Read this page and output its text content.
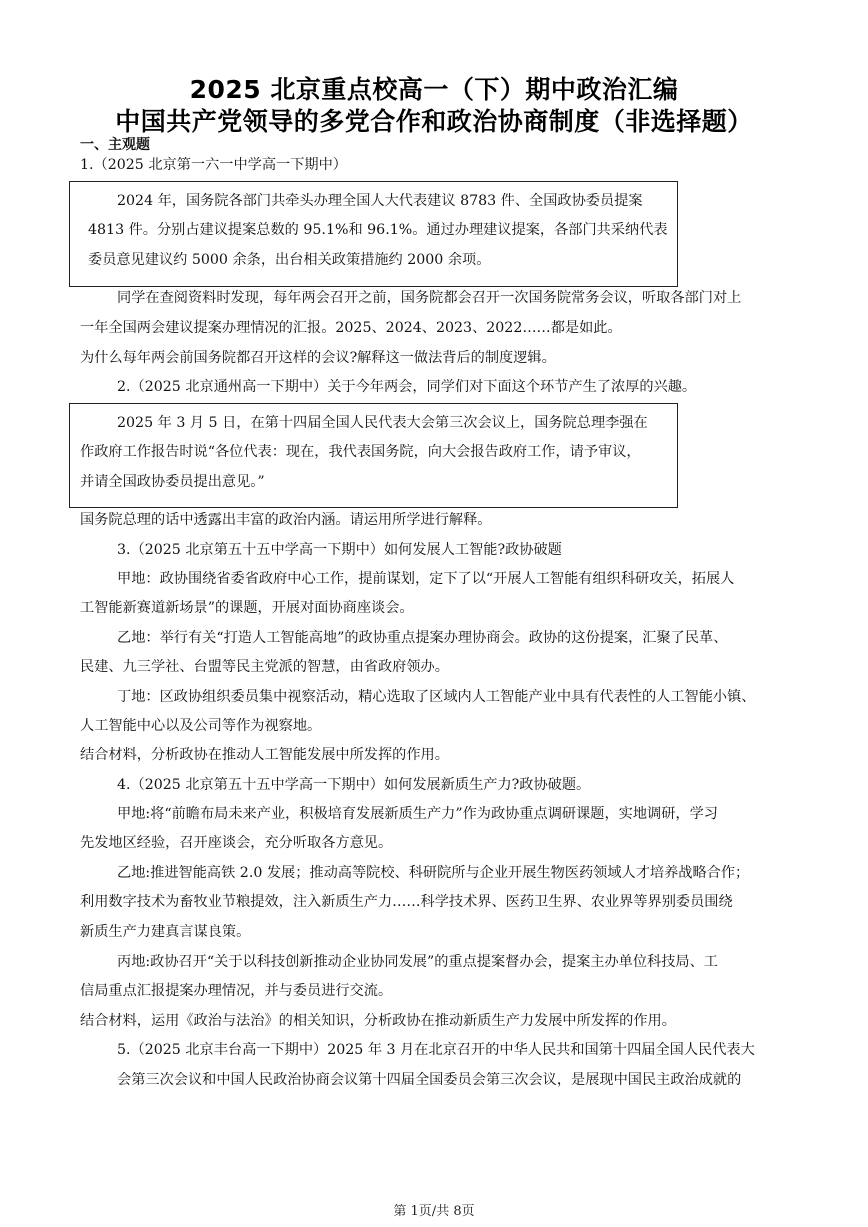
2025 北京重点校高一（下）期中政治汇编
中国共产党领导的多党合作和政治协商制度（非选择题）
一、主观题
1.（2025 北京第一六一中学高一下期中）
2024 年，国务院各部门共牵头办理全国人大代表建议 8783 件、全国政协委员提案
4813 件。分别占建议提案总数的 95.1%和 96.1%。通过办理建议提案，各部门共采纳代表
委员意见建议约 5000 余条，出台相关政策措施约 2000 余项。
同学在查阅资料时发现，每年两会召开之前，国务院都会召开一次国务院常务会议，听取各部门对上
一年全国两会建议提案办理情况的汇报。2025、2024、2023、2022……都是如此。
为什么每年两会前国务院都召开这样的会议?解释这一做法背后的制度逻辑。
2.（2025 北京通州高一下期中）关于今年两会，同学们对下面这个环节产生了浓厚的兴趣。
2025 年 3 月 5 日，在第十四届全国人民代表大会第三次会议上，国务院总理李强在
作政府工作报告时说“各位代表：现在，我代表国务院，向大会报告政府工作，请予审议，
并请全国政协委员提出意见。”
国务院总理的话中透露出丰富的政治内涵。请运用所学进行解释。
3.（2025 北京第五十五中学高一下期中）如何发展人工智能?政协破题
甲地：政协围绕省委省政府中心工作，提前谋划，定下了以“开展人工智能有组织科研攻关，拓展人
工智能新赛道新场景”的课题，开展对面协商座谈会。
乙地：举行有关“打造人工智能高地”的政协重点提案办理协商会。政协的这份提案，汇聚了民革、
民建、九三学社、台盟等民主党派的智慧，由省政府领办。
丁地：区政协组织委员集中视察活动，精心选取了区域内人工智能产业中具有代表性的人工智能小镇、
人工智能中心以及公司等作为视察地。
结合材料，分析政协在推动人工智能发展中所发挥的作用。
4.（2025 北京第五十五中学高一下期中）如何发展新质生产力?政协破题。
甲地:将“前瞻布局未来产业，积极培育发展新质生产力”作为政协重点调研课题，实地调研，学习
先发地区经验，召开座谈会，充分听取各方意见。
乙地:推进智能高铁 2.0 发展；推动高等院校、科研院所与企业开展生物医药领域人才培养战略合作；
利用数字技术为畜牧业节粮提效，注入新质生产力……科学技术界、医药卫生界、农业界等界别委员围绕
新质生产力建真言谋良策。
丙地:政协召开“关于以科技创新推动企业协同发展”的重点提案督办会，提案主办单位科技局、工
信局重点汇报提案办理情况，并与委员进行交流。
结合材料，运用《政治与法治》的相关知识，分析政协在推动新质生产力发展中所发挥的作用。
5.（2025 北京丰台高一下期中）2025 年 3 月在北京召开的中华人民共和国第十四届全国人民代表大
会第三次会议和中国人民政治协商会议第十四届全国委员会第三次会议，是展现中国民主政治成就的
第 1页/共 8页
